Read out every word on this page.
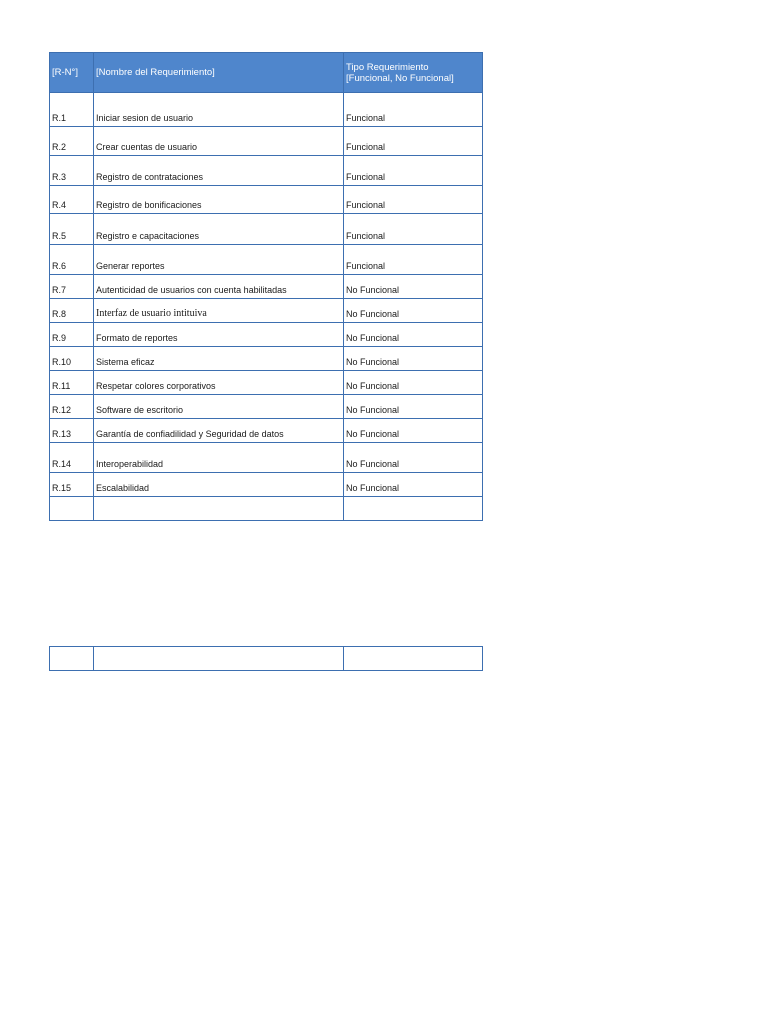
[R-N°]	[Nombre del Requerimiento]	Tipo Requerimiento
[Funcional, No Funcional]

R.1	Iniciar sesion de usuario	Funcional
R.2	Crear cuentas de usuario	Funcional
R.3	Registro de contrataciones	Funcional
R.4	Registro de bonificaciones	Funcional
R.5	Registro e capacitaciones	Funcional
R.6	Generar reportes	Funcional
R.7	Autenticidad de usuarios con cuenta habilitadas	No Funcional
R.8	Interfaz de usuario intituiva	No Funcional
R.9	Formato de reportes	No Funcional
R.10	Sistema eficaz	No Funcional
R.11	Respetar colores corporativos	No Funcional
R.12	Software de escritorio	No Funcional
R.13	Garantía de confiadilidad y Seguridad de datos	No Funcional
R.14	Interoperabilidad	No Funcional
R.15	Escalabilidad	No Funcional
